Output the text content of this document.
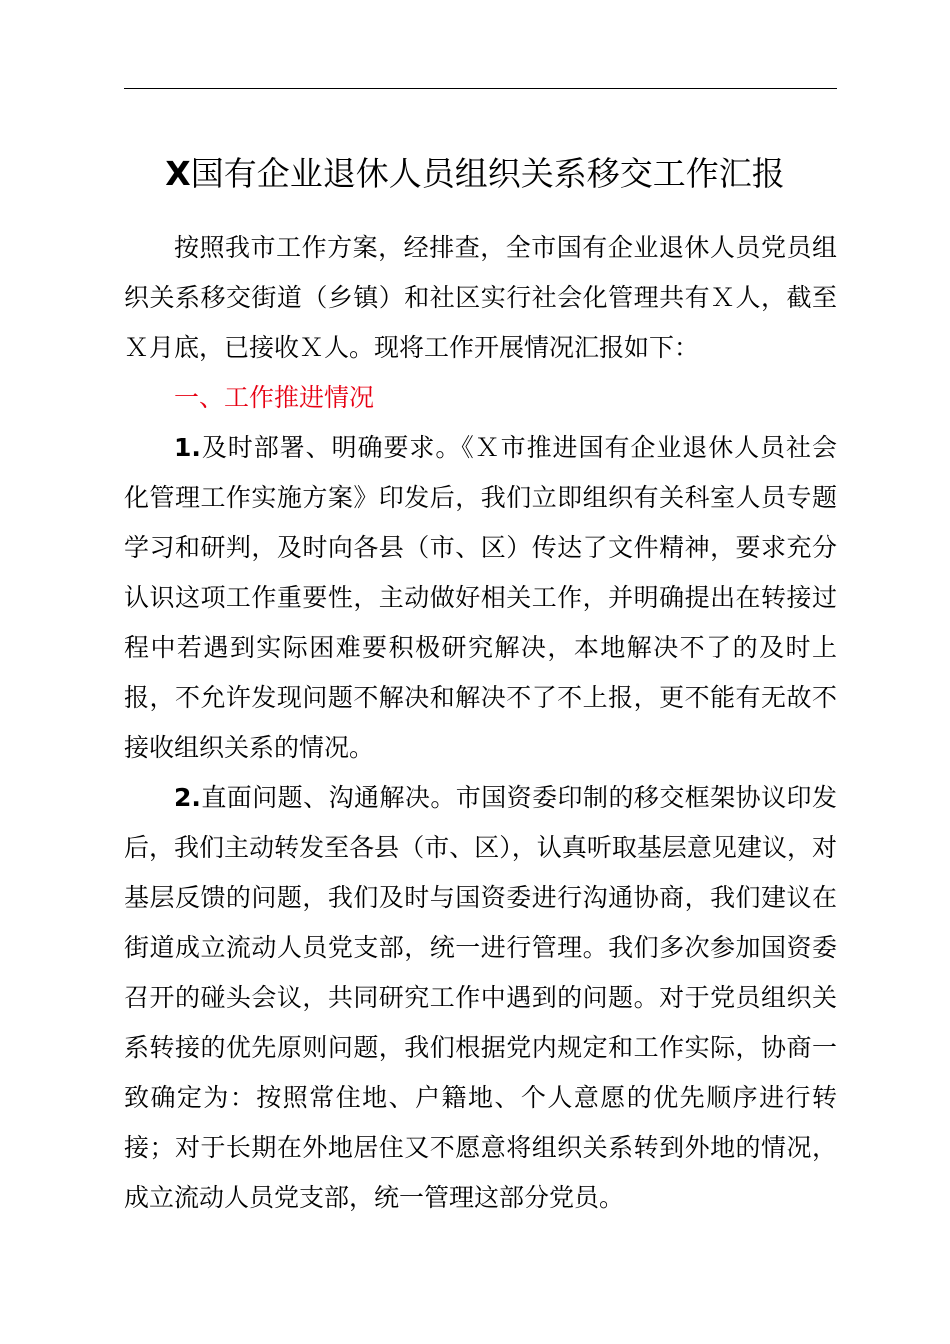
X国有企业退休人员组织关系移交工作汇报

按照我市工作方案，经排查，全市国有企业退休人员党员组织关系移交街道（乡镇）和社区实行社会化管理共有Ｘ人，截至Ｘ月底，已接收Ｘ人。现将工作开展情况汇报如下：

一、工作推进情况

1.及时部署、明确要求。《Ｘ市推进国有企业退休人员社会化管理工作实施方案》印发后，我们立即组织有关科室人员专题学习和研判，及时向各县（市、区）传达了文件精神，要求充分认识这项工作重要性，主动做好相关工作，并明确提出在转接过程中若遇到实际困难要积极研究解决，本地解决不了的及时上报，不允许发现问题不解决和解决不了不上报，更不能有无故不接收组织关系的情况。

2.直面问题、沟通解决。市国资委印制的移交框架协议印发后，我们主动转发至各县（市、区），认真听取基层意见建议，对基层反馈的问题，我们及时与国资委进行沟通协商，我们建议在街道成立流动人员党支部，统一进行管理。我们多次参加国资委召开的碰头会议，共同研究工作中遇到的问题。对于党员组织关系转接的优先原则问题，我们根据党内规定和工作实际，协商一致确定为：按照常住地、户籍地、个人意愿的优先顺序进行转接；对于长期在外地居住又不愿意将组织关系转到外地的情况，成立流动人员党支部，统一管理这部分党员。
